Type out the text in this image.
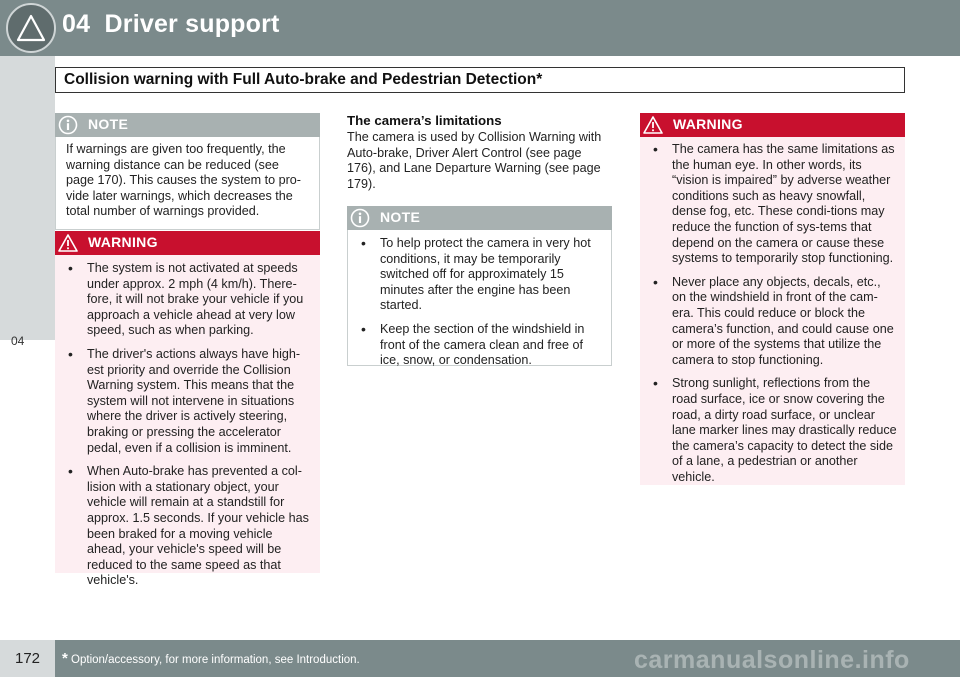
04 Driver support
Collision warning with Full Auto-brake and Pedestrian Detection*
04
NOTE

If warnings are given too frequently, the warning distance can be reduced (see page 170). This causes the system to pro-vide later warnings, which decreases the total number of warnings provided.

WARNING
• The system is not activated at speeds under approx. 2 mph (4 km/h). There-fore, it will not brake your vehicle if you approach a vehicle ahead at very low speed, such as when parking.
• The driver's actions always have high-est priority and override the Collision Warning system. This means that the system will not intervene in situations where the driver is actively steering, braking or pressing the accelerator pedal, even if a collision is imminent.
• When Auto-brake has prevented a col-lision with a stationary object, your vehicle will remain at a standstill for approx. 1.5 seconds. If your vehicle has been braked for a moving vehicle ahead, your vehicle's speed will be reduced to the same speed as that vehicle's.
The camera’s limitations
The camera is used by Collision Warning with Auto-brake, Driver Alert Control (see page 176), and Lane Departure Warning (see page 179).
NOTE
• To help protect the camera in very hot conditions, it may be temporarily switched off for approximately 15 minutes after the engine has been started.
• Keep the section of the windshield in front of the camera clean and free of ice, snow, or condensation.
WARNING
• The camera has the same limitations as the human eye. In other words, its “vision is impaired” by adverse weather conditions such as heavy snowfall, dense fog, etc. These condi-tions may reduce the function of sys-tems that depend on the camera or cause these systems to temporarily stop functioning.
• Never place any objects, decals, etc., on the windshield in front of the cam-era. This could reduce or block the camera’s function, and could cause one or more of the systems that utilize the camera to stop functioning.
• Strong sunlight, reflections from the road surface, ice or snow covering the road, a dirty road surface, or unclear lane marker lines may drastically reduce the camera’s capacity to detect the side of a lane, a pedestrian or another vehicle.
172	* Option/accessory, for more information, see Introduction.	carmanualsonline.info
